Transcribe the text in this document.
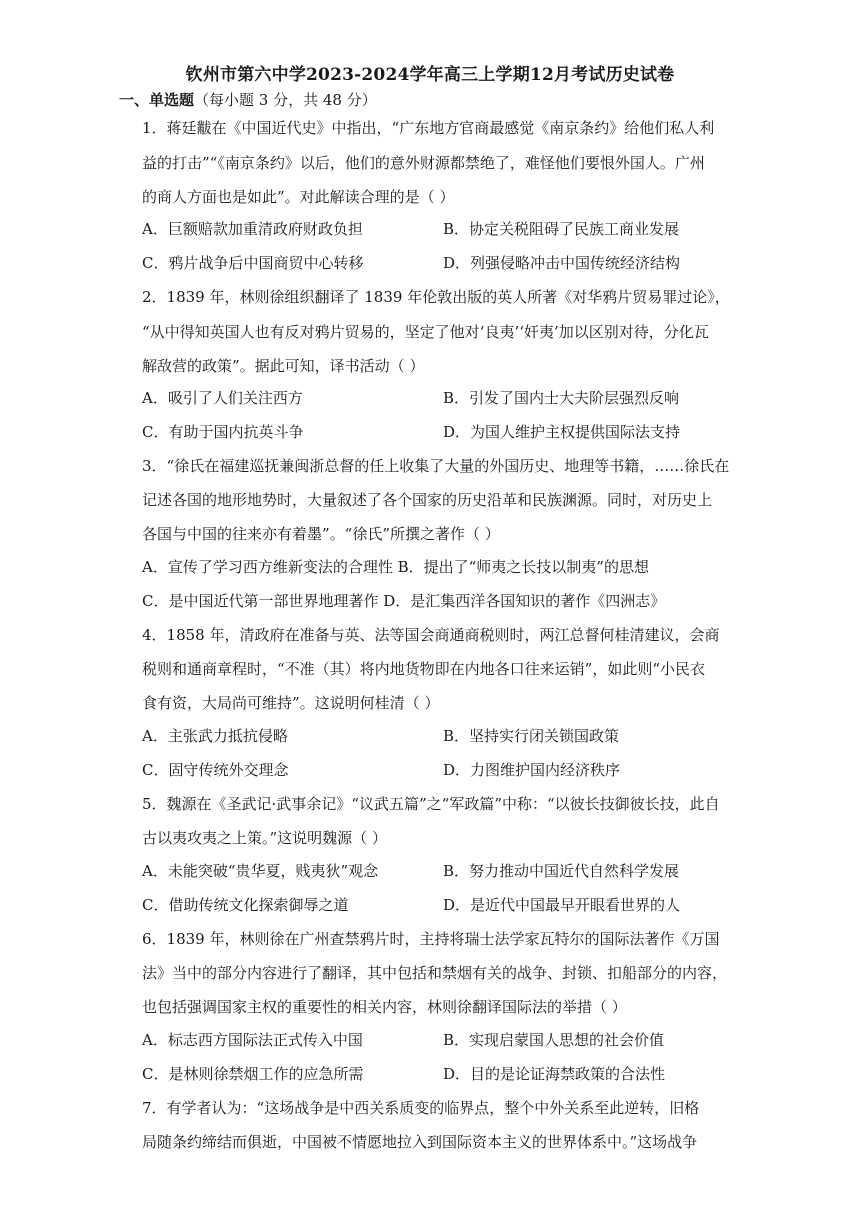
钦州市第六中学2023-2024学年高三上学期12月考试历史试卷
一、单选题（每小题 3 分，共 48 分）
1．蒋廷黻在《中国近代史》中指出，“广东地方官商最感觉《南京条约》给他们私人利
益的打击”“《南京条约》以后，他们的意外财源都禁绝了，难怪他们要恨外国人。广州
的商人方面也是如此”。对此解读合理的是（ ）
A．巨额赔款加重清政府财政负担	B．协定关税阻碍了民族工商业发展
C．鸦片战争后中国商贸中心转移	D．列强侵略冲击中国传统经济结构
2．1839 年，林则徐组织翻译了 1839 年伦敦出版的英人所著《对华鸦片贸易罪过论》，
“从中得知英国人也有反对鸦片贸易的，坚定了他对‘良夷’‘奸夷’加以区别对待，分化瓦
解敌营的政策”。据此可知，译书活动（ ）
A．吸引了人们关注西方	B．引发了国内士大夫阶层强烈反响
C．有助于国内抗英斗争	D．为国人维护主权提供国际法支持
3．“徐氏在福建巡抚兼闽浙总督的任上收集了大量的外国历史、地理等书籍，……徐氏在
记述各国的地形地势时，大量叙述了各个国家的历史沿革和民族渊源。同时，对历史上
各国与中国的往来亦有着墨”。“徐氏”所撰之著作（ ）
A．宣传了学习西方维新变法的合理性 B．提出了“师夷之长技以制夷”的思想
C．是中国近代第一部世界地理著作 D．是汇集西洋各国知识的著作《四洲志》
4．1858 年，清政府在准备与英、法等国会商通商税则时，两江总督何桂清建议，会商
税则和通商章程时，“不准（其）将内地货物即在内地各口往来运销”，如此则“小民衣
食有资，大局尚可维持”。这说明何桂清（ ）
A．主张武力抵抗侵略	B．坚持实行闭关锁国政策
C．固守传统外交理念	D．力图维护国内经济秩序
5．魏源在《圣武记·武事余记》“议武五篇”之“军政篇”中称：“以彼长技御彼长技，此自
古以夷攻夷之上策。”这说明魏源（ ）
A．未能突破“贵华夏，贱夷狄”观念	B．努力推动中国近代自然科学发展
C．借助传统文化探索御辱之道	D．是近代中国最早开眼看世界的人
6．1839 年，林则徐在广州查禁鸦片时，主持将瑞士法学家瓦特尔的国际法著作《万国
法》当中的部分内容进行了翻译，其中包括和禁烟有关的战争、封锁、扣船部分的内容，
也包括强调国家主权的重要性的相关内容，林则徐翻译国际法的举措（ ）
A．标志西方国际法正式传入中国	B．实现启蒙国人思想的社会价值
C．是林则徐禁烟工作的应急所需	D．目的是论证海禁政策的合法性
7．有学者认为：“这场战争是中西关系质变的临界点，整个中外关系至此逆转，旧格
局随条约缔结而俱逝，中国被不情愿地拉入到国际资本主义的世界体系中。”这场战争
